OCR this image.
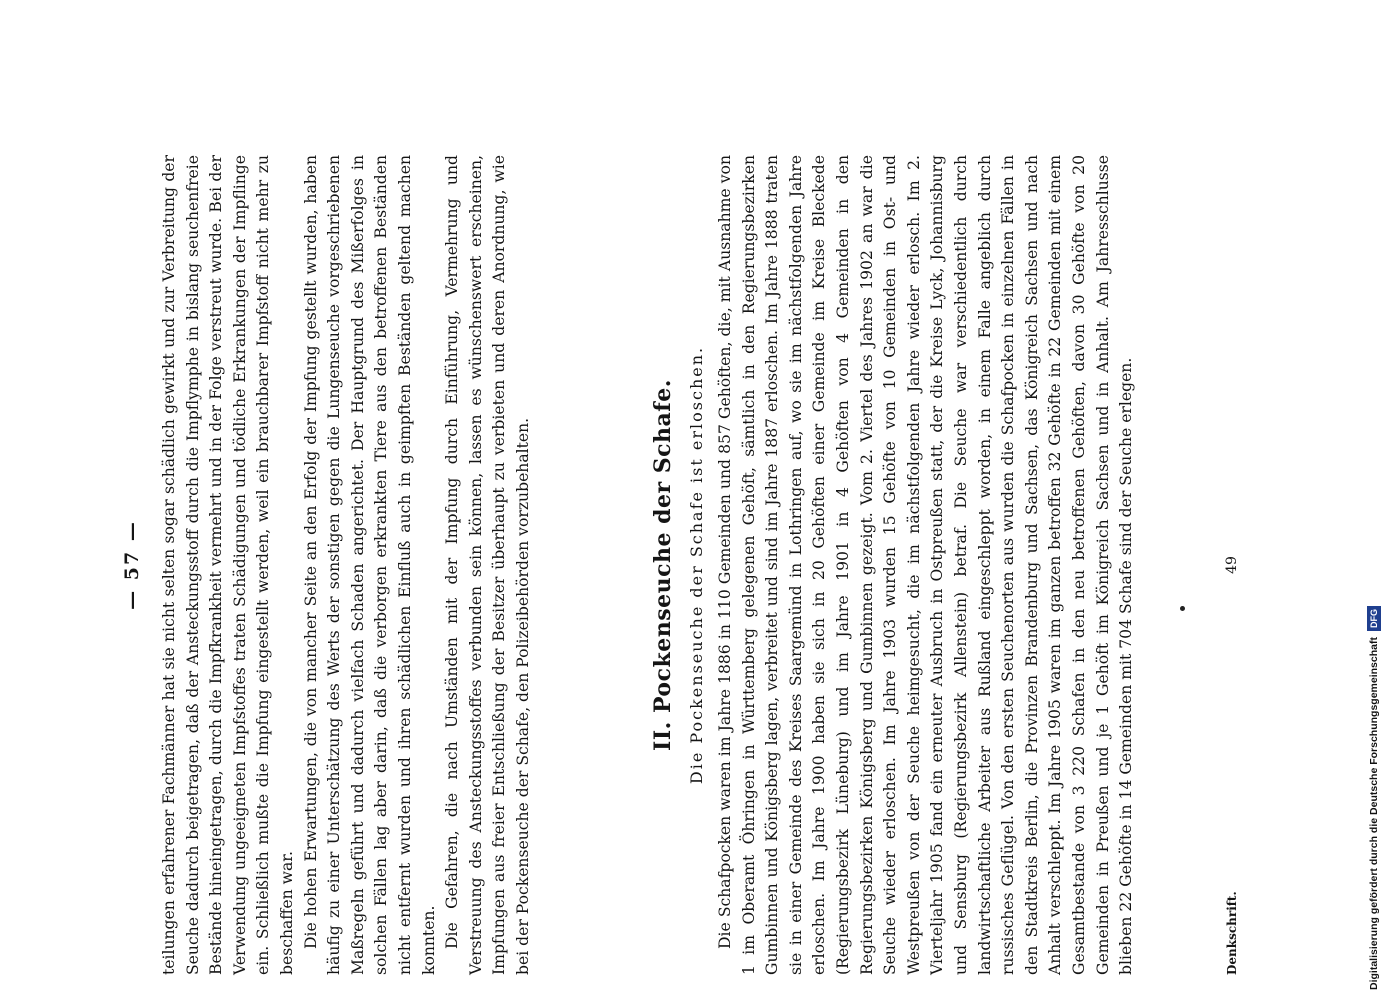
— 57 — teilungen erfahrener Fachmänner hat sie nicht selten sogar schädlich gewirkt und zur Verbreitung der Seuche dadurch beigetragen, daß der Ansteckungsstoff durch die Impflymphe in bislang seuchenfreie Bestände hineingetragen, durch die Impfkrankheit vermehrt und in der Folge verstreut wurde. Bei der Verwendung ungeeigneten Impfstoffes traten Schädigungen und tödliche Erkrankungen der Impflinge ein. Schließlich mußte die Impfung eingestellt werden, weil ein brauchbarer Impfstoff nicht mehr zu beschaffen war. Die hohen Erwartungen, die von mancher Seite an den Erfolg der Impfung gestellt wurden, haben häufig zu einer Unterschätzung des Werts der sonstigen gegen die Lungenseuche vorgeschriebenen Maßregeln geführt und dadurch vielfach Schaden angerichtet. Der Hauptgrund des Mißerfolges in solchen Fällen lag aber darin, daß die verborgen erkrankten Tiere aus den betroffenen Beständen nicht entfernt wurden und ihren schädlichen Einfluß auch in geimpften Beständen geltend machen konnten. Die Gefahren, die nach Umständen mit der Impfung durch Einführung, Vermehrung und Verstreuung des Ansteckungsstoffes verbunden sein können, lassen es wünschenswert erscheinen, Impfungen aus freier Entschließung der Besitzer überhaupt zu verbieten und deren Anordnung, wie bei der Pockenseuche der Schafe, den Polizeibehörden vorzubehalten.	II. Pockenseuche der Schafe. Die Pockenseuche der Schafe ist erloschen. Die Schafpocken waren im Jahre 1886 in 110 Gemeinden und 857 Gehöften, die, mit Ausnahme von 1 im Oberamt Öhringen in Württemberg gelegenen Gehöft, sämtlich in den Regierungsbezirken Gumbinnen und Königsberg lagen, verbreitet und sind im Jahre 1887 erloschen. Im Jahre 1888 traten sie in einer Gemeinde des Kreises Saargemünd in Lothringen auf, wo sie im nächstfolgenden Jahre erloschen. Im Jahre 1900 haben sie sich in 20 Gehöften einer Gemeinde im Kreise Bleckede (Regierungsbezirk Lüneburg) und im Jahre 1901 in 4 Gehöften von 4 Gemeinden in den Regierungsbezirken Königsberg und Gumbinnen gezeigt. Vom 2. Viertel des Jahres 1902 an war die Seuche wieder erloschen. Im Jahre 1903 wurden 15 Gehöfte von 10 Gemeinden in Ost- und Westpreußen von der Seuche heimgesucht, die im nächstfolgenden Jahre wieder erlosch. Im 2. Vierteljahr 1905 fand ein erneuter Ausbruch in Ostpreußen statt, der die Kreise Lyck, Johannisburg und Sensburg (Regierungsbezirk Allenstein) betraf. Die Seuche war verschiedentlich durch landwirtschaftliche Arbeiter aus Rußland eingeschleppt worden, in einem Falle angeblich durch russisches Geflügel. Von den ersten Seuchenorten aus wurden die Schafpocken in einzelnen Fällen in den Stadtkreis Berlin, die Provinzen Brandenburg und Sachsen, das Königreich Sachsen und nach Anhalt verschleppt. Im Jahre 1905 waren im ganzen betroffen 32 Gehöfte in 22 Gemeinden mit einem Gesamtbestande von 3 220 Schafen in den neu betroffenen Gehöften, davon 30 Gehöfte von 20 Gemeinden in Preußen und je 1 Gehöft im Königreich Sachsen und in Anhalt. Am Jahresschlusse blieben 22 Gehöfte in 14 Gemeinden mit 704 Schafe sind der Seuche erlegen.	Denkschrift.
49
Digitalisierung gefördert durch die Deutsche ForschungsgemeinschaftDFG
